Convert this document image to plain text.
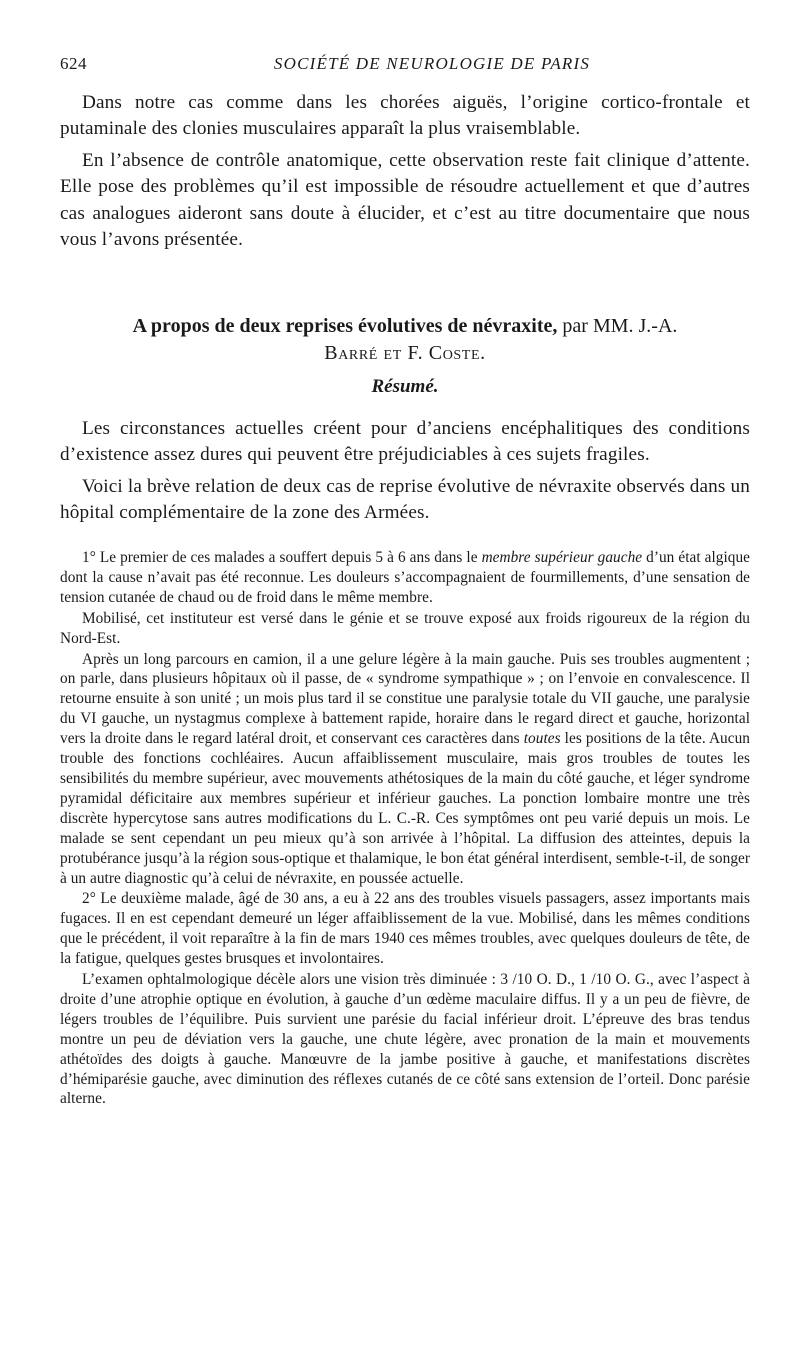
624	SOCIÉTÉ DE NEUROLOGIE DE PARIS

Dans notre cas comme dans les chorées aiguës, l’origine cortico-frontale et putaminale des clonies musculaires apparaît la plus vraisemblable.

En l’absence de contrôle anatomique, cette observation reste fait clinique d’attente. Elle pose des problèmes qu’il est impossible de résoudre actuellement et que d’autres cas analogues aideront sans doute à élucider, et c’est au titre documentaire que nous vous l’avons présentée.

A propos de deux reprises évolutives de névraxite, par MM. J.-A.
Barré et F. Coste.

Résumé.

Les circonstances actuelles créent pour d’anciens encéphalitiques des conditions d’existence assez dures qui peuvent être préjudiciables à ces sujets fragiles.

Voici la brève relation de deux cas de reprise évolutive de névraxite observés dans un hôpital complémentaire de la zone des Armées.

1° Le premier de ces malades a souffert depuis 5 à 6 ans dans le membre supérieur gauche d’un état algique dont la cause n’avait pas été reconnue. Les douleurs s’accompagnaient de fourmillements, d’une sensation de tension cutanée de chaud ou de froid dans le même membre.

Mobilisé, cet instituteur est versé dans le génie et se trouve exposé aux froids rigoureux de la région du Nord-Est.

Après un long parcours en camion, il a une gelure légère à la main gauche. Puis ses troubles augmentent ; on parle, dans plusieurs hôpitaux où il passe, de « syndrome sympathique » ; on l’envoie en convalescence. Il retourne ensuite à son unité ; un mois plus tard il se constitue une paralysie totale du VII gauche, une paralysie du VI gauche, un nystagmus complexe à battement rapide, horaire dans le regard direct et gauche, horizontal vers la droite dans le regard latéral droit, et conservant ces caractères dans toutes les positions de la tête. Aucun trouble des fonctions cochléaires. Aucun affaiblissement musculaire, mais gros troubles de toutes les sensibilités du membre supérieur, avec mouvements athétosiques de la main du côté gauche, et léger syndrome pyramidal déficitaire aux membres supérieur et inférieur gauches. La ponction lombaire montre une très discrète hypercytose sans autres modifications du L. C.-R. Ces symptômes ont peu varié depuis un mois. Le malade se sent cependant un peu mieux qu’à son arrivée à l’hôpital. La diffusion des atteintes, depuis la protubérance jusqu’à la région sous-optique et thalamique, le bon état général interdisent, semble-t-il, de songer à un autre diagnostic qu’à celui de névraxite, en poussée actuelle.

2° Le deuxième malade, âgé de 30 ans, a eu à 22 ans des troubles visuels passagers, assez importants mais fugaces. Il en est cependant demeuré un léger affaiblissement de la vue. Mobilisé, dans les mêmes conditions que le précédent, il voit reparaître à la fin de mars 1940 ces mêmes troubles, avec quelques douleurs de tête, de la fatigue, quelques gestes brusques et involontaires.

L’examen ophtalmologique décèle alors une vision très diminuée : 3 /10 O. D., 1 /10 O. G., avec l’aspect à droite d’une atrophie optique en évolution, à gauche d’un œdème maculaire diffus. Il y a un peu de fièvre, de légers troubles de l’équilibre. Puis survient une parésie du facial inférieur droit. L’épreuve des bras tendus montre un peu de déviation vers la gauche, une chute légère, avec pronation de la main et mouvements athétoïdes des doigts à gauche. Manœuvre de la jambe positive à gauche, et manifestations discrètes d’hémiparésie gauche, avec diminution des réflexes cutanés de ce côté sans extension de l’orteil. Donc parésie alterne.
